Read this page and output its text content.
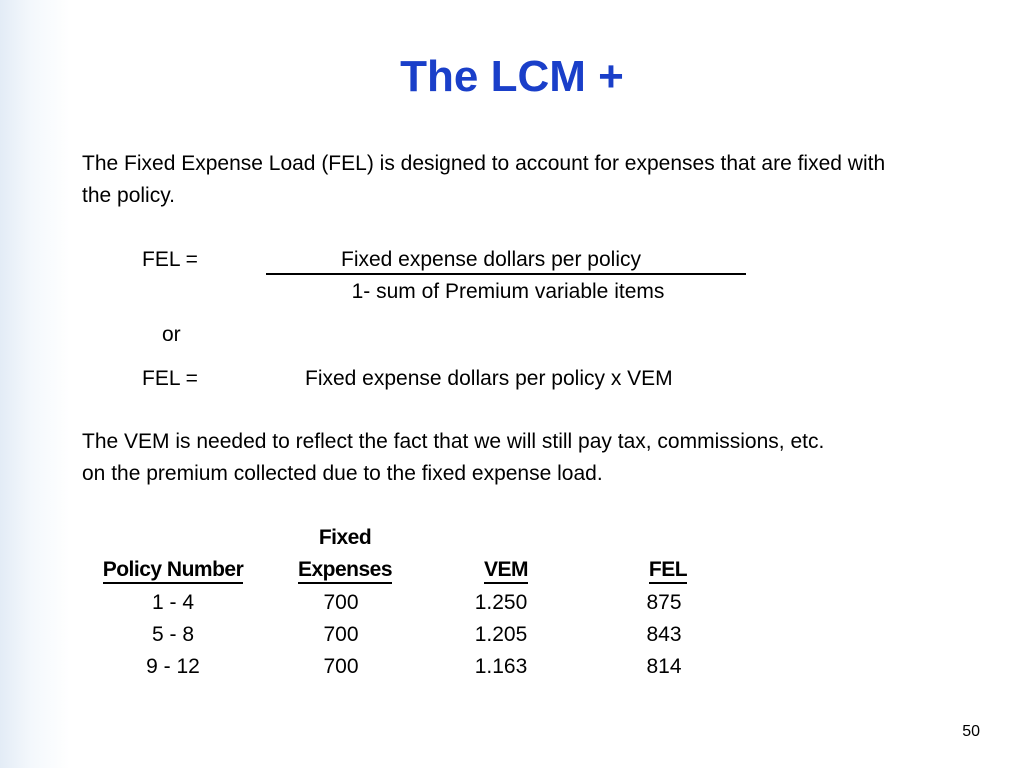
The LCM +
The Fixed Expense Load (FEL) is designed to account for expenses that are fixed with
the policy.
FEL =	Fixed expense dollars per policy
1- sum of Premium variable items
or
FEL =	Fixed expense dollars per policy x VEM
The VEM is needed to reflect the fact that we will still pay tax, commissions, etc.
on the premium collected due to the fixed expense load.
Fixed
Policy Number	Expenses	VEM	FEL
1 - 4	700	1.250	875
5 - 8	700	1.205	843
9 - 12	700	1.163	814
50
